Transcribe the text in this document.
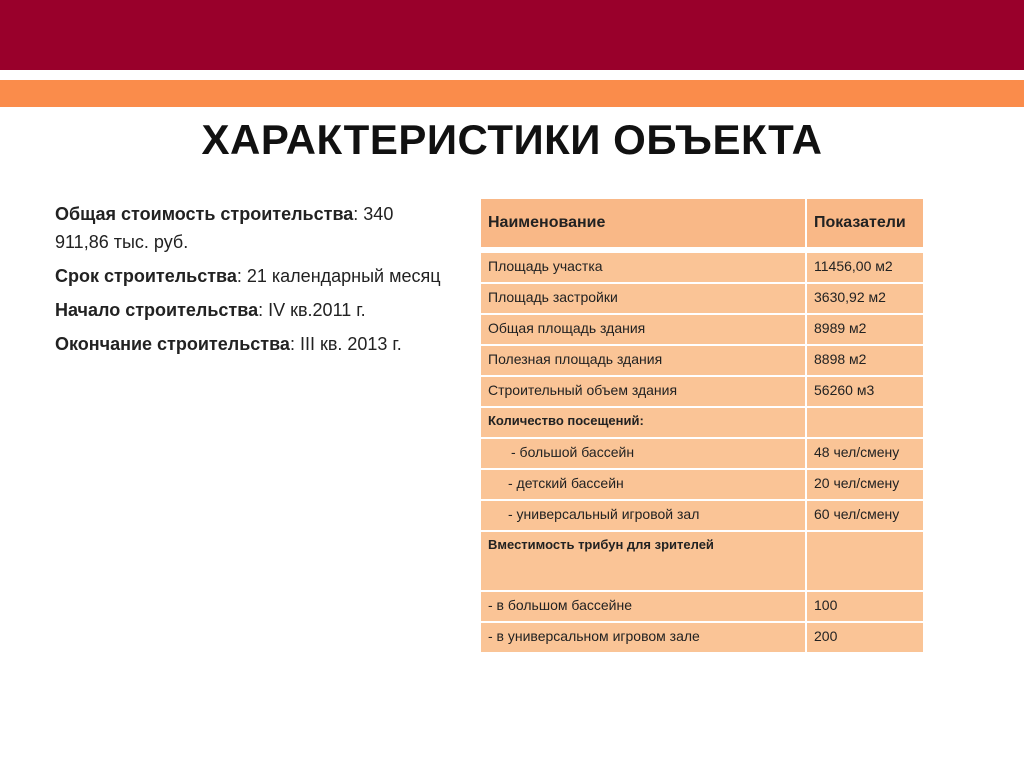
ХАРАКТЕРИСТИКИ ОБЪЕКТА

Общая стоимость строительства: 340 911,86 тыс. руб.

Срок строительства: 21 календарный месяц

Начало строительства: IV кв.2011 г.

Окончание строительства: III кв. 2013 г.

Наименование	Показатели

Площадь участка	11456,00 м2
Площадь застройки	3630,92 м2
Общая площадь здания	8989 м2
Полезная площадь здания	8898 м2
Строительный объем здания	56260 м3
Количество посещений:	
- большой бассейн	48 чел/смену
- детский бассейн	20 чел/смену
- универсальный игровой зал	60 чел/смену
Вместимость трибун для зрителей	
- в большом бассейне	100
- в универсальном игровом зале	200
